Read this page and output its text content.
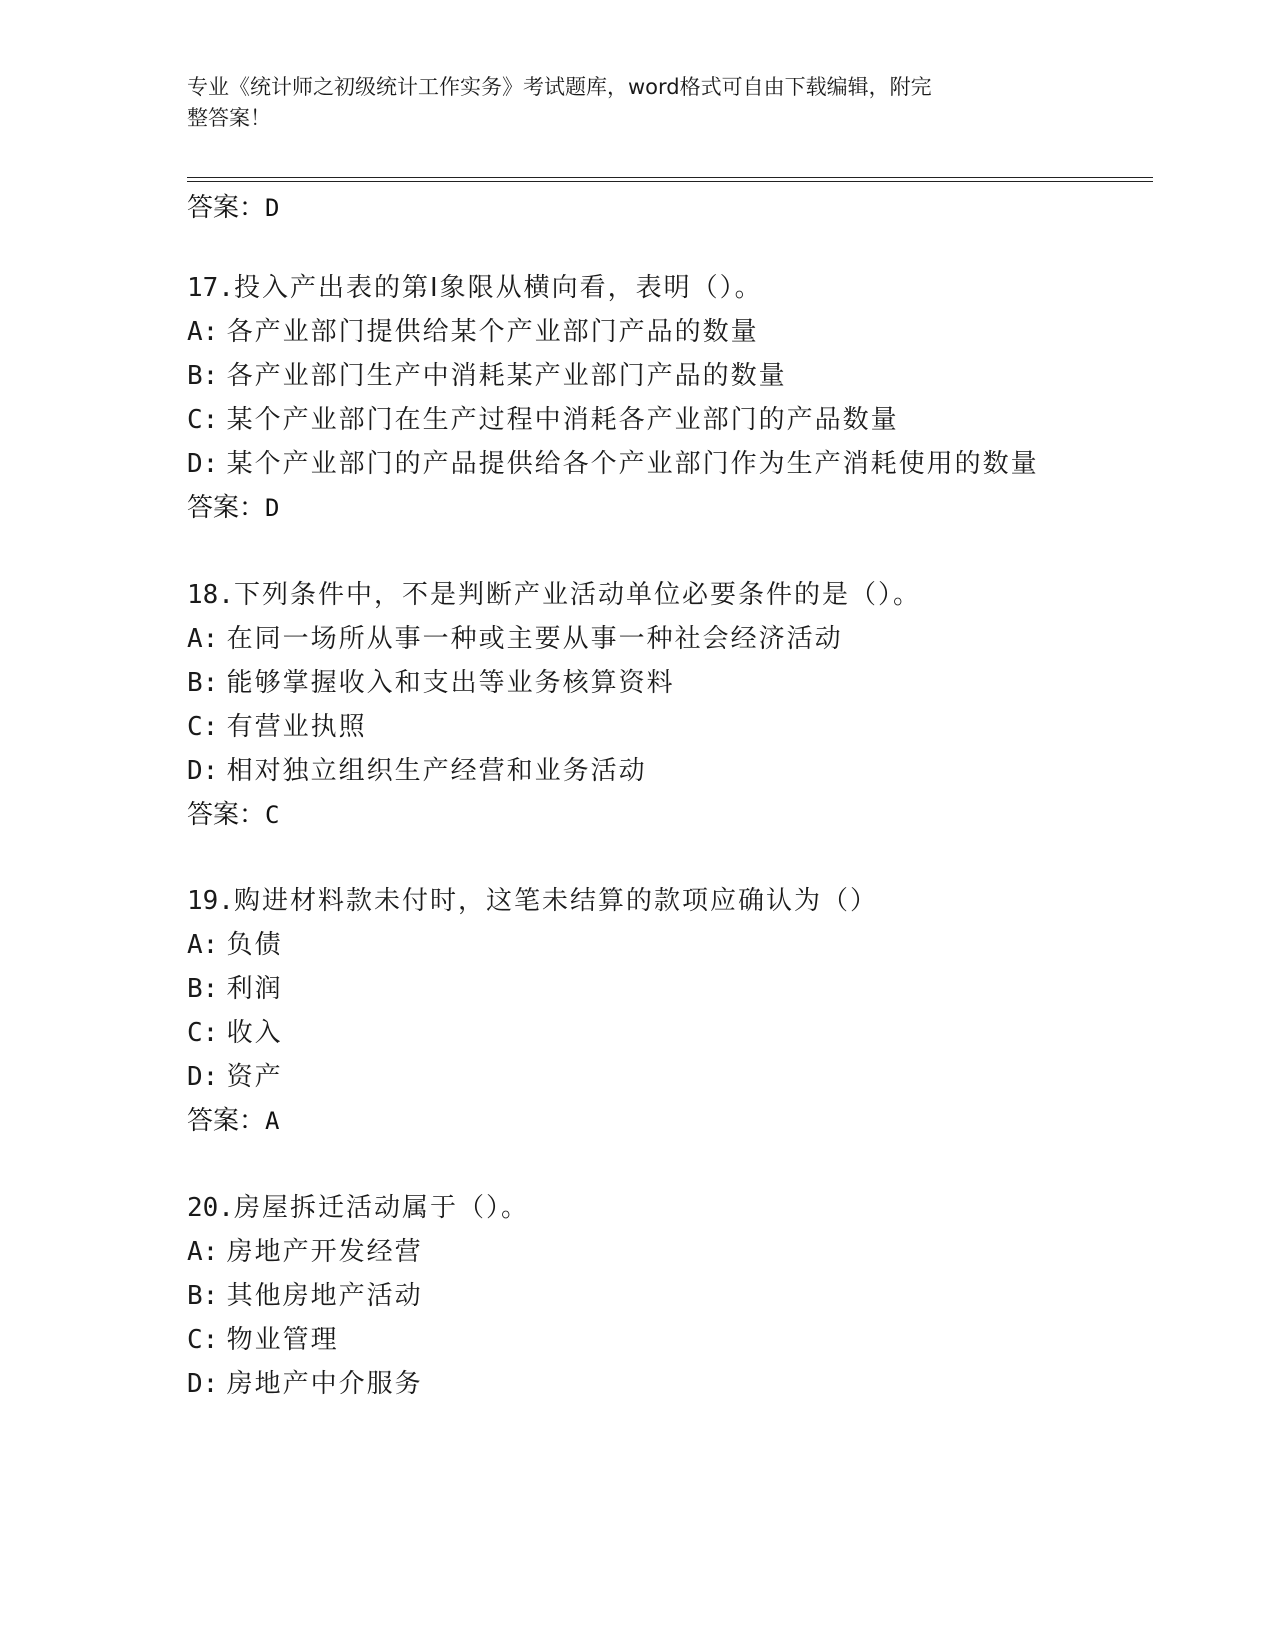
专业《统计师之初级统计工作实务》考试题库，word格式可自由下载编辑，附完
整答案！
答案：D
17.投入产出表的第Ⅰ象限从横向看，表明（）。
A: 各产业部门提供给某个产业部门产品的数量
B: 各产业部门生产中消耗某产业部门产品的数量
C: 某个产业部门在生产过程中消耗各产业部门的产品数量
D: 某个产业部门的产品提供给各个产业部门作为生产消耗使用的数量
答案：D
18.下列条件中，不是判断产业活动单位必要条件的是（）。
A: 在同一场所从事一种或主要从事一种社会经济活动
B: 能够掌握收入和支出等业务核算资料
C: 有营业执照
D: 相对独立组织生产经营和业务活动
答案：C
19.购进材料款未付时，这笔未结算的款项应确认为（）
A: 负债
B: 利润
C: 收入
D: 资产
答案：A
20.房屋拆迁活动属于（）。
A: 房地产开发经营
B: 其他房地产活动
C: 物业管理
D: 房地产中介服务
